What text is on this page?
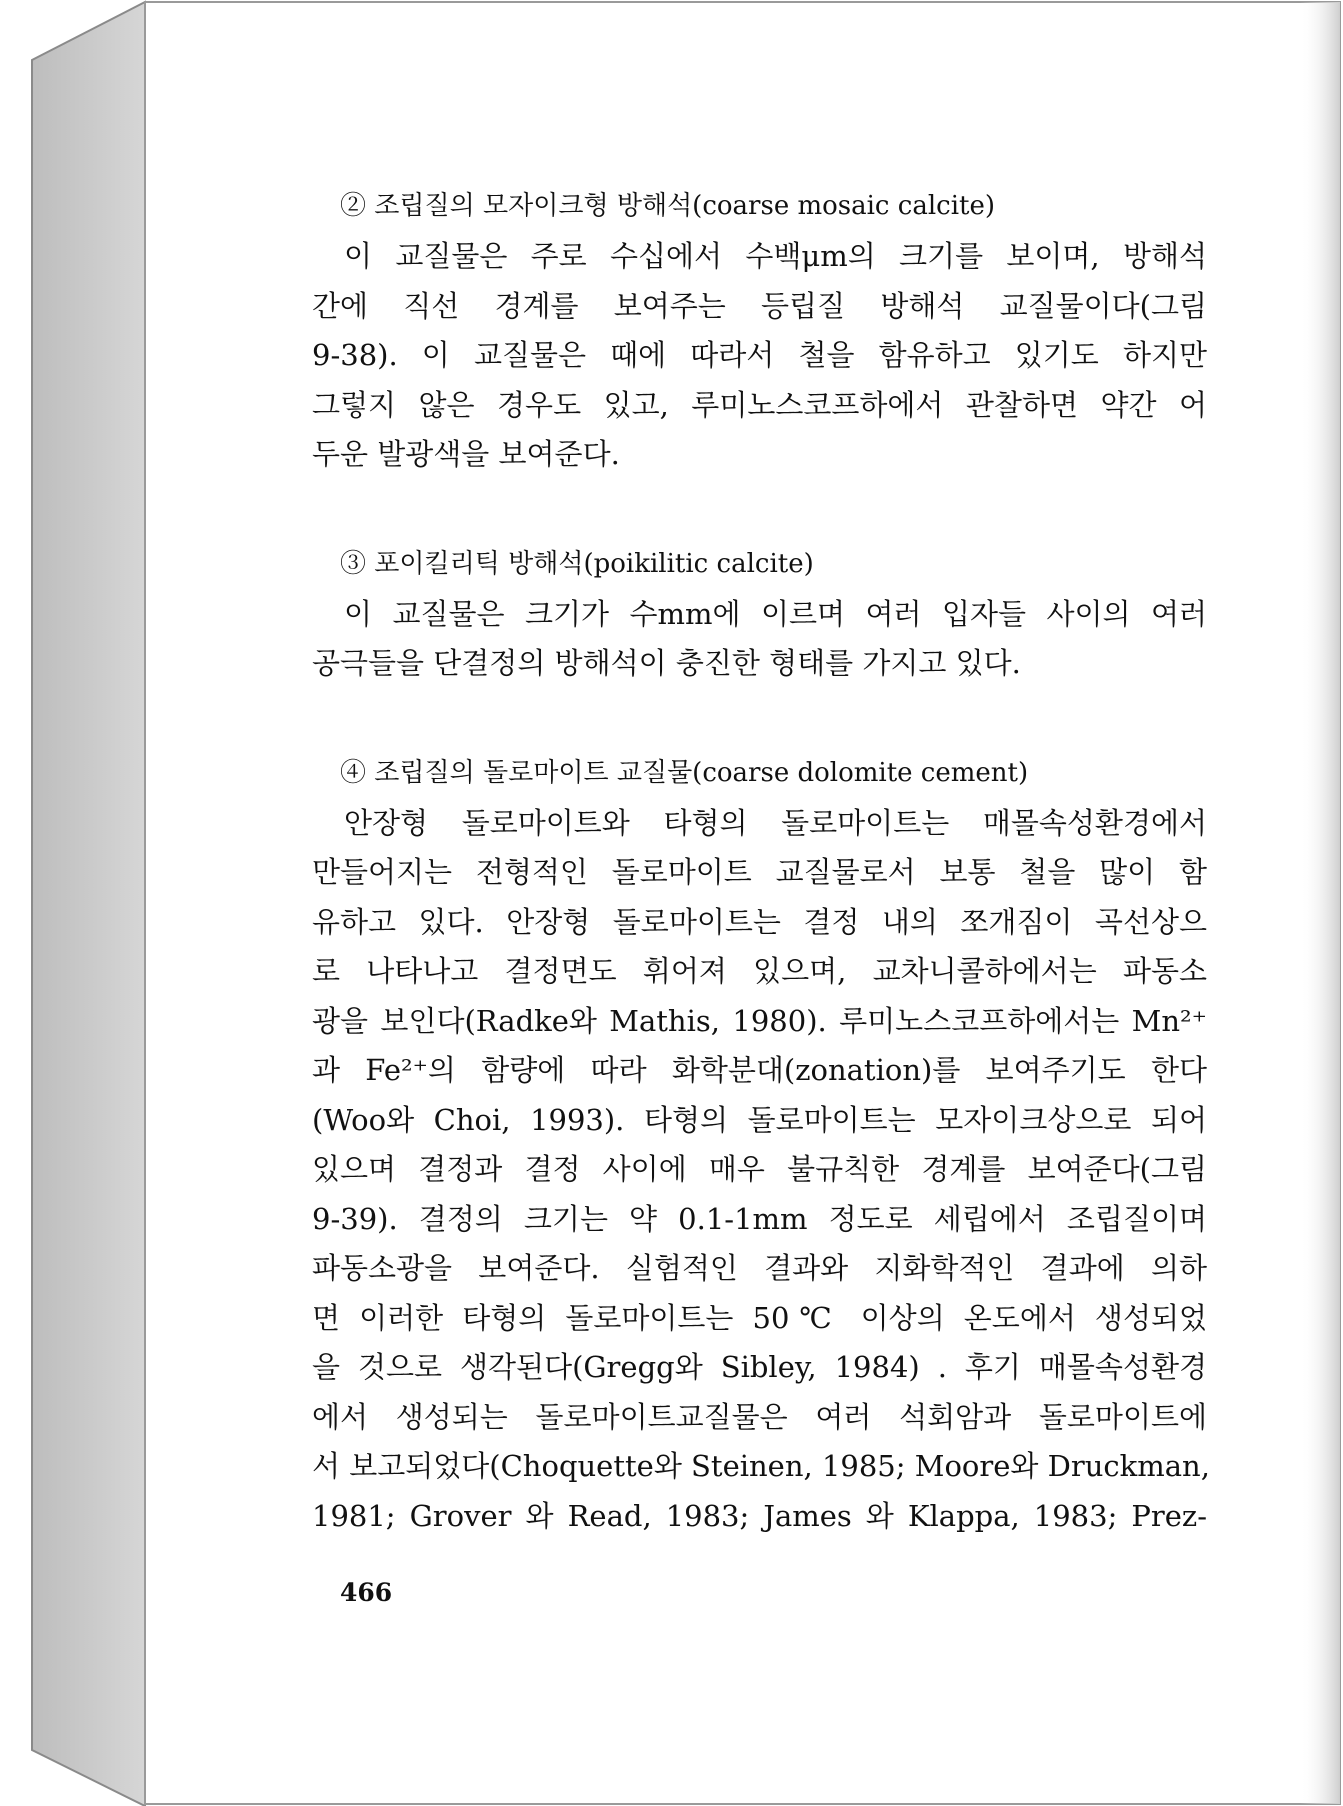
② 조립질의 모자이크형 방해석(coarse mosaic calcite)

이 교질물은 주로 수십에서 수백μm의 크기를 보이며, 방해석
간에 직선 경계를 보여주는 등립질 방해석 교질물이다(그림
9-38). 이 교질물은 때에 따라서 철을 함유하고 있기도 하지만
그렇지 않은 경우도 있고, 루미노스코프하에서 관찰하면 약간 어
두운 발광색을 보여준다.

③ 포이킬리틱 방해석(poikilitic calcite)

이 교질물은 크기가 수mm에 이르며 여러 입자들 사이의 여러
공극들을 단결정의 방해석이 충진한 형태를 가지고 있다.

④ 조립질의 돌로마이트 교질물(coarse dolomite cement)

안장형 돌로마이트와 타형의 돌로마이트는 매몰속성환경에서
만들어지는 전형적인 돌로마이트 교질물로서 보통 철을 많이 함
유하고 있다. 안장형 돌로마이트는 결정 내의 쪼개짐이 곡선상으
로 나타나고 결정면도 휘어져 있으며, 교차니콜하에서는 파동소
광을 보인다(Radke와 Mathis, 1980). 루미노스코프하에서는 Mn²⁺
과 Fe²⁺의 함량에 따라 화학분대(zonation)를 보여주기도 한다
(Woo와 Choi, 1993). 타형의 돌로마이트는 모자이크상으로 되어
있으며 결정과 결정 사이에 매우 불규칙한 경계를 보여준다(그림
9-39). 결정의 크기는 약 0.1-1mm 정도로 세립에서 조립질이며
파동소광을 보여준다. 실험적인 결과와 지화학적인 결과에 의하
면 이러한 타형의 돌로마이트는 50℃ 이상의 온도에서 생성되었
을 것으로 생각된다(Gregg와 Sibley, 1984) . 후기 매몰속성환경
에서 생성되는 돌로마이트교질물은 여러 석회암과 돌로마이트에
서 보고되었다(Choquette와 Steinen, 1985; Moore와 Druckman,
1981; Grover 와 Read, 1983; James 와 Klappa, 1983; Prez-

466
